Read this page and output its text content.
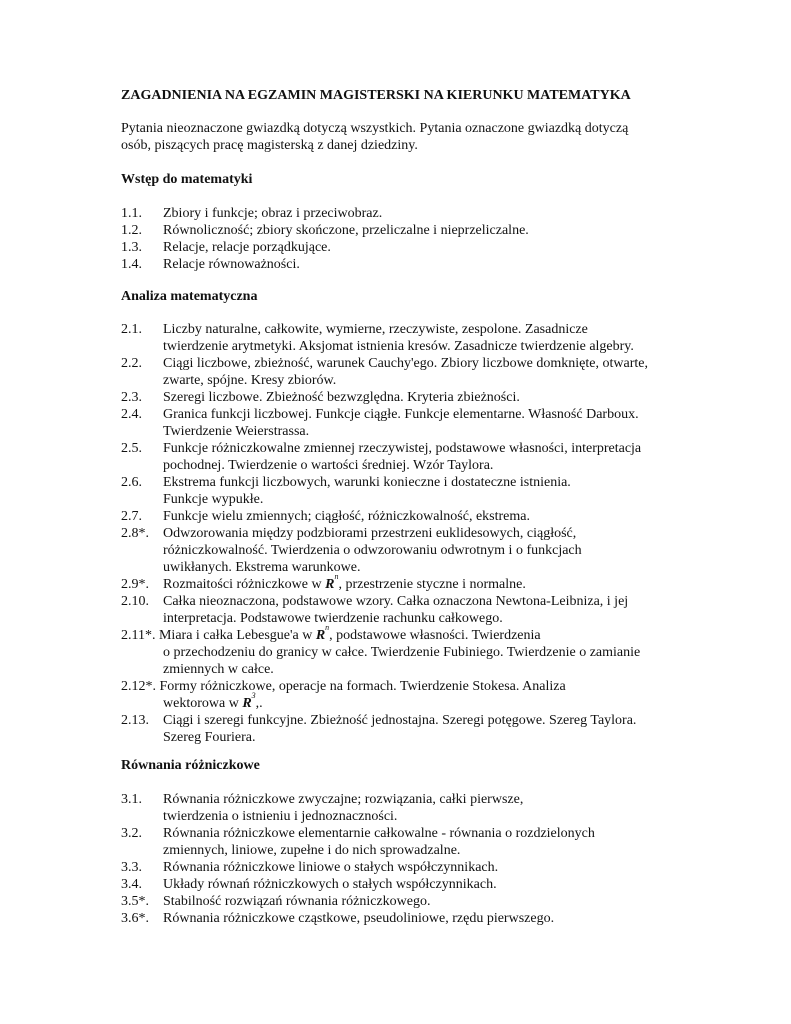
ZAGADNIENIA NA EGZAMIN MAGISTERSKI NA KIERUNKU MATEMATYKA
Pytania nieoznaczone gwiazdką dotyczą wszystkich. Pytania oznaczone gwiazdką dotyczą
osób, piszących pracę magisterską z danej dziedziny.
Wstęp do matematyki
1.1.	Zbiory i funkcje; obraz i przeciwobraz.
1.2.	Równoliczność; zbiory skończone, przeliczalne i nieprzeliczalne.
1.3.	Relacje, relacje porządkujące.
1.4.	Relacje równoważności.
Analiza matematyczna
2.1.	Liczby naturalne, całkowite, wymierne, rzeczywiste, zespolone. Zasadnicze
twierdzenie arytmetyki. Aksjomat istnienia kresów. Zasadnicze twierdzenie algebry.
2.2.	Ciągi liczbowe, zbieżność, warunek Cauchy'ego. Zbiory liczbowe domknięte, otwarte,
zwarte, spójne. Kresy zbiorów.
2.3.	Szeregi liczbowe. Zbieżność bezwzględna. Kryteria zbieżności.
2.4.	Granica funkcji liczbowej. Funkcje ciągłe. Funkcje elementarne. Własność Darboux.
Twierdzenie Weierstrassa.
2.5.	Funkcje różniczkowalne zmiennej rzeczywistej, podstawowe własności, interpretacja
pochodnej. Twierdzenie o wartości średniej. Wzór Taylora.
2.6.	Ekstrema funkcji liczbowych, warunki konieczne i dostateczne istnienia.
Funkcje wypukłe.
2.7.	Funkcje wielu zmiennych; ciągłość, różniczkowalność, ekstrema.
2.8*.	Odwzorowania między podzbiorami przestrzeni euklidesowych, ciągłość,
różniczkowalność. Twierdzenia o odwzorowaniu odwrotnym i o funkcjach
uwikłanych. Ekstrema warunkowe.
2.9*.	Rozmaitości różniczkowe w $R^n$, przestrzenie styczne i normalne.
2.10.	Całka nieoznaczona, podstawowe wzory. Całka oznaczona Newtona-Leibniza, i jej
interpretacja. Podstawowe twierdzenie rachunku całkowego.
2.11*. Miara i całka Lebesgue'a w $R^n$, podstawowe własności. Twierdzenia
o przechodzeniu do granicy w całce. Twierdzenie Fubiniego. Twierdzenie o zamianie
zmiennych w całce.
2.12*. Formy różniczkowe, operacje na formach. Twierdzenie Stokesa. Analiza
wektorowa w $R^3$,.
2.13.	Ciągi i szeregi funkcyjne. Zbieżność jednostajna. Szeregi potęgowe. Szereg Taylora.
Szereg Fouriera.
Równania różniczkowe
3.1.	Równania różniczkowe zwyczajne; rozwiązania, całki pierwsze,
twierdzenia o istnieniu i jednoznaczności.
3.2.	Równania różniczkowe elementarnie całkowalne - równania o rozdzielonych
zmiennych, liniowe, zupełne i do nich sprowadzalne.
3.3.	Równania różniczkowe liniowe o stałych współczynnikach.
3.4.	Układy równań różniczkowych o stałych współczynnikach.
3.5*.	Stabilność rozwiązań równania różniczkowego.
3.6*.	Równania różniczkowe cząstkowe, pseudoliniowe, rzędu pierwszego.
